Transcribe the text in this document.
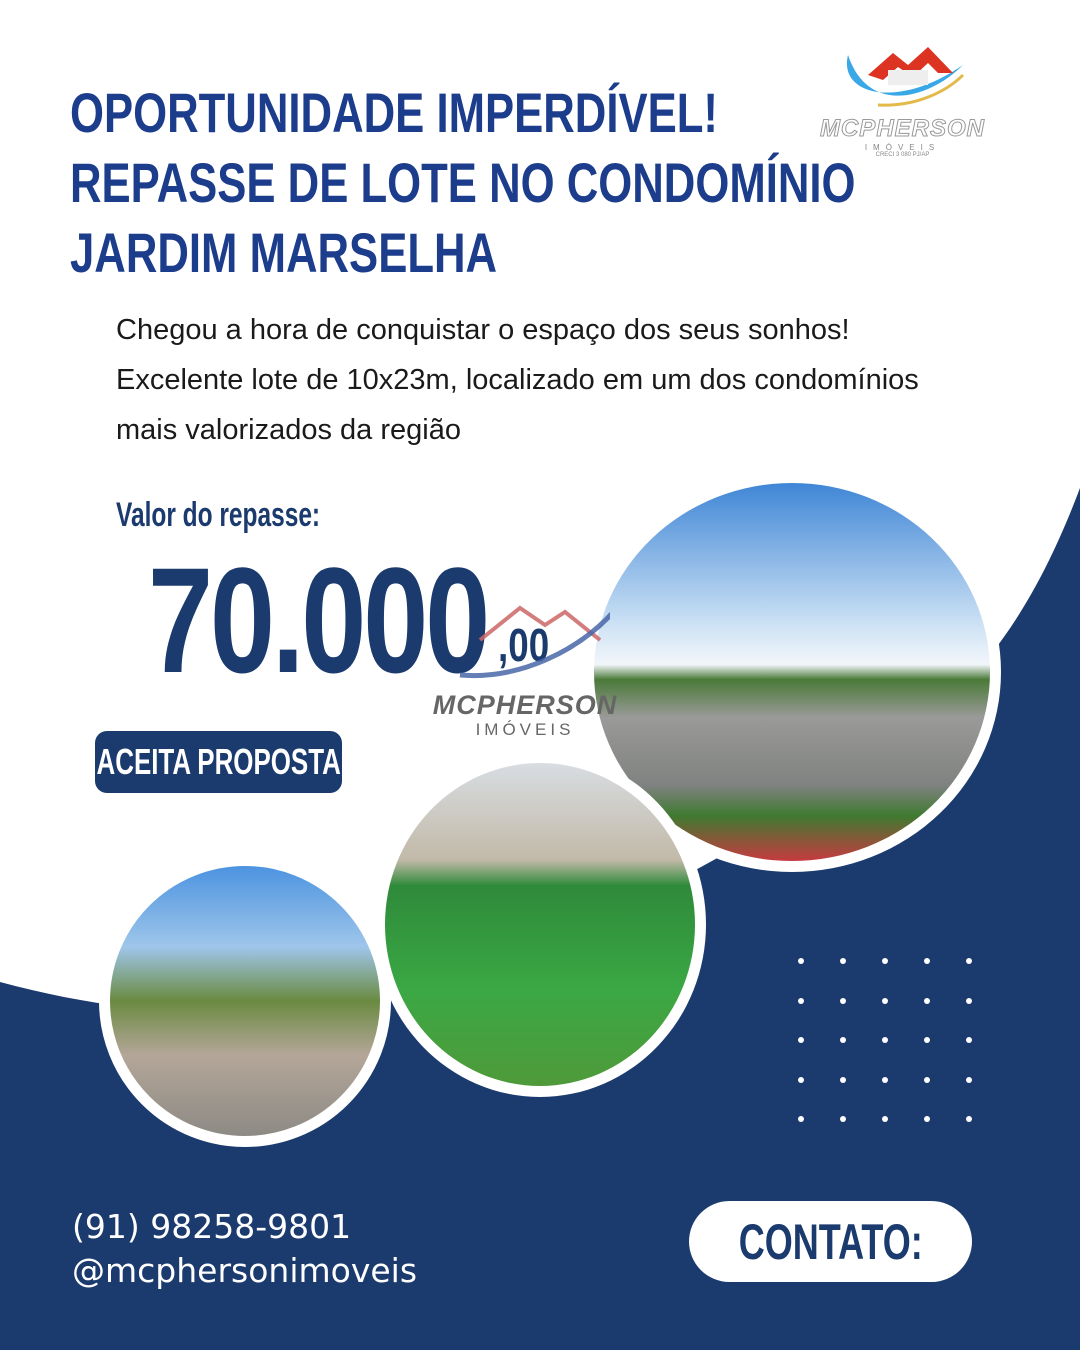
MCPHERSON
IMÓVEIS
CRECI 3 080 PJ/AP
OPORTUNIDADE IMPERDÍVEL!
REPASSE DE LOTE NO CONDOMÍNIO
JARDIM MARSELHA
Chegou a hora de conquistar o espaço dos seus sonhos! Excelente lote de 10x23m, localizado em um dos condomínios mais valorizados da região
Valor do repasse:
70.000 ,00
ACEITA PROPOSTA
MCPHERSON
IMÓVEIS
(91) 98258-9801
@mcphersonimoveis
CONTATO:
